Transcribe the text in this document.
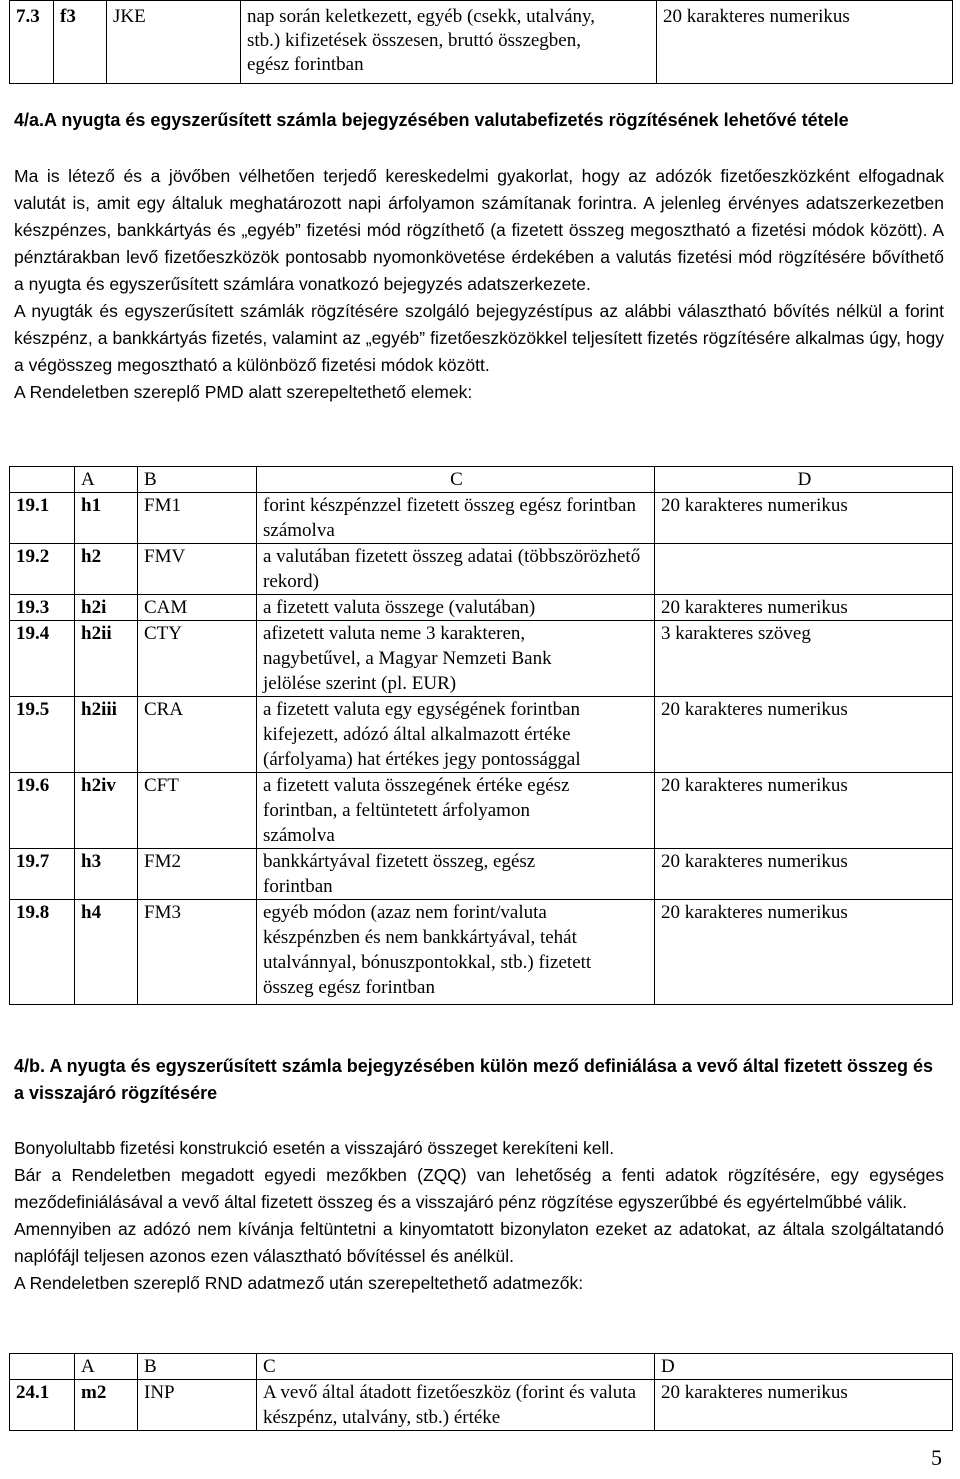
7.3	f3	JKE	nap során keletkezett, egyéb (csekk, utalvány, stb.) kifizetések összesen, bruttó összegben, egész forintban	20 karakteres numerikus
4/a.A nyugta és egyszerűsített számla bejegyzésében valutabefizetés rögzítésének lehetővé tétele

Ma is létező és a jövőben vélhetően terjedő kereskedelmi gyakorlat, hogy az adózók fizetőeszközként elfogadnak valutát is, amit egy általuk meghatározott napi árfolyamon számítanak forintra. A jelenleg érvényes adatszerkezetben készpénzes, bankkártyás és „egyéb” fizetési mód rögzíthető (a fizetett összeg megosztható a fizetési módok között). A pénztárakban levő fizetőeszközök pontosabb nyomonkövetése érdekében a valutás fizetési mód rögzítésére bővíthető a nyugta és egyszerűsített számlára vonatkozó bejegyzés adatszerkezete.

A nyugták és egyszerűsített számlák rögzítésére szolgáló bejegyzéstípus az alábbi választható bővítés nélkül a forint készpénz, a bankkártyás fizetés, valamint az „egyéb” fizetőeszközökkel teljesített fizetés rögzítésére alkalmas úgy, hogy a végösszeg megosztható a különböző fizetési módok között.

A Rendeletben szereplő PMD alatt szerepeltethető elemek:

	A	B	C	D
19.1	h1	FM1	forint készpénzzel fizetett összeg egész forintban számolva	20 karakteres numerikus
19.2	h2	FMV	a valutában fizetett összeg adatai (többszörözhető rekord)	
19.3	h2i	CAM	a fizetett valuta összege (valutában)	20 karakteres numerikus
19.4	h2ii	CTY	afizetett valuta neme 3 karakteren, nagybetűvel, a Magyar Nemzeti Bank jelölése szerint (pl. EUR)	3 karakteres szöveg
19.5	h2iii	CRA	a fizetett valuta egy egységének forintban kifejezett, adózó által alkalmazott értéke (árfolyama) hat értékes jegy pontossággal	20 karakteres numerikus
19.6	h2iv	CFT	a fizetett valuta összegének értéke egész forintban, a feltüntetett árfolyamon számolva	20 karakteres numerikus
19.7	h3	FM2	bankkártyával fizetett összeg, egész forintban	20 karakteres numerikus
19.8	h4	FM3	egyéb módon (azaz nem forint/valuta készpénzben és nem bankkártyával, tehát utalvánnyal, bónuszpontokkal, stb.) fizetett összeg egész forintban	20 karakteres numerikus
4/b. A nyugta és egyszerűsített számla bejegyzésében külön mező definiálása a vevő által fizetett összeg és a visszajáró rögzítésére

Bonyolultabb fizetési konstrukció esetén a visszajáró összeget kerekíteni kell.

Bár a Rendeletben megadott egyedi mezőkben (ZQQ) van lehetőség a fenti adatok rögzítésére, egy egységes meződefiniálásával a vevő által fizetett összeg és a visszajáró pénz rögzítése egyszerűbbé és egyértelműbbé válik.

Amennyiben az adózó nem kívánja feltüntetni a kinyomtatott bizonylaton ezeket az adatokat, az általa szolgáltatandó naplófájl teljesen azonos ezen választható bővítéssel és anélkül.

A Rendeletben szereplő RND adatmező után szerepeltethető adatmezők:

	A	B	C	D
24.1	m2	INP	A vevő által átadott fizetőeszköz (forint és valuta készpénz, utalvány, stb.) értéke	20 karakteres numerikus
5
